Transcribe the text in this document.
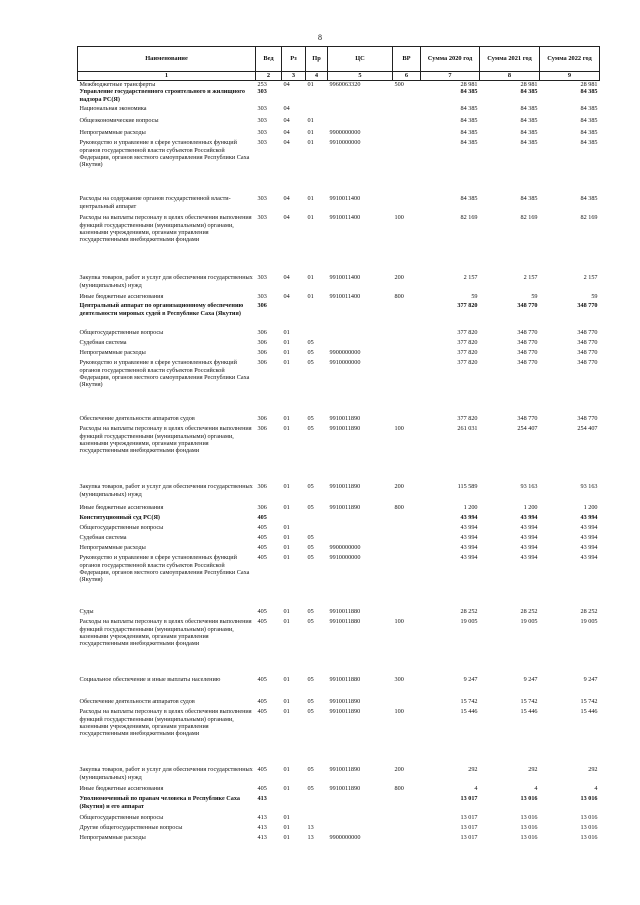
8
Наименование	Вед	Рз	Пр	ЦС	ВР	Сумма 2020 год	Сумма 2021 год	Сумма 2022 год
1	2	3	4	5	6	7	8	9
Межбюджетные трансферты	253	04	01	9960063320	500	28 981	28 981	28 981
Управление государственного строительного и жилищного надзора РС(Я)	303					84 385	84 385	84 385
Национальная экономика	303	04				84 385	84 385	84 385
Общеэкономические вопросы	303	04	01			84 385	84 385	84 385
Непрограммные расходы	303	04	01	9900000000		84 385	84 385	84 385
Руководство и управление в сфере установленных функций органов государственной власти субъектов Российской Федерации, органов местного самоуправления Республики Саха (Якутия)	303	04	01	9910000000		84 385	84 385	84 385
Расходы на содержание органов государственной власти- центральный аппарат	303	04	01	9910011400		84 385	84 385	84 385
Расходы на выплаты персоналу в целях обеспечения выполнения функций государственными (муниципальными) органами, казенными учреждениями, органами управления государственными внебюджетными фондами	303	04	01	9910011400	100	82 169	82 169	82 169
Закупка товаров, работ и услуг для обеспечения государственных (муниципальных) нужд	303	04	01	9910011400	200	2 157	2 157	2 157
Иные бюджетные ассигнования	303	04	01	9910011400	800	59	59	59
Центральный аппарат по организационному обеспечению деятельности мировых судей в Республике Саха (Якутия)	306					377 820	348 770	348 770
Общегосударственные вопросы	306	01				377 820	348 770	348 770
Судебная система	306	01	05			377 820	348 770	348 770
Непрограммные расходы	306	01	05	9900000000		377 820	348 770	348 770
Руководство и управление в сфере установленных функций органов государственной власти субъектов Российской Федерации, органов местного самоуправления Республики Саха (Якутия)	306	01	05	9910000000		377 820	348 770	348 770
Обеспечение деятельности аппаратов судов	306	01	05	9910011890		377 820	348 770	348 770
Расходы на выплаты персоналу в целях обеспечения выполнения функций государственными (муниципальными) органами, казенными учреждениями, органами управления государственными внебюджетными фондами	306	01	05	9910011890	100	261 031	254 407	254 407
Закупка товаров, работ и услуг для обеспечения государственных (муниципальных) нужд	306	01	05	9910011890	200	115 589	93 163	93 163
Иные бюджетные ассигнования	306	01	05	9910011890	800	1 200	1 200	1 200
Конституционный суд РС(Я)	405					43 994	43 994	43 994
Общегосударственные вопросы	405	01				43 994	43 994	43 994
Судебная система	405	01	05			43 994	43 994	43 994
Непрограммные расходы	405	01	05	9900000000		43 994	43 994	43 994
Руководство и управление в сфере установленных функций органов государственной власти субъектов Российской Федерации, органов местного самоуправления Республики Саха (Якутия)	405	01	05	9910000000		43 994	43 994	43 994
Суды	405	01	05	9910011880		28 252	28 252	28 252
Расходы на выплаты персоналу в целях обеспечения выполнения функций государственными (муниципальными) органами, казенными учреждениями, органами управления государственными внебюджетными фондами	405	01	05	9910011880	100	19 005	19 005	19 005
Социальное обеспечение и иные выплаты населению	405	01	05	9910011880	300	9 247	9 247	9 247
Обеспечение деятельности аппаратов судов	405	01	05	9910011890		15 742	15 742	15 742
Расходы на выплаты персоналу в целях обеспечения выполнения функций государственными (муниципальными) органами, казенными учреждениями, органами управления государственными внебюджетными фондами	405	01	05	9910011890	100	15 446	15 446	15 446
Закупка товаров, работ и услуг для обеспечения государственных (муниципальных) нужд	405	01	05	9910011890	200	292	292	292
Иные бюджетные ассигнования	405	01	05	9910011890	800	4	4	4
Уполномоченный по правам человека в Республике Саха (Якутия) и его аппарат	413					13 017	13 016	13 016
Общегосударственные вопросы	413	01				13 017	13 016	13 016
Другие общегосударственные вопросы	413	01	13			13 017	13 016	13 016
Непрограммные расходы	413	01	13	9900000000		13 017	13 016	13 016
